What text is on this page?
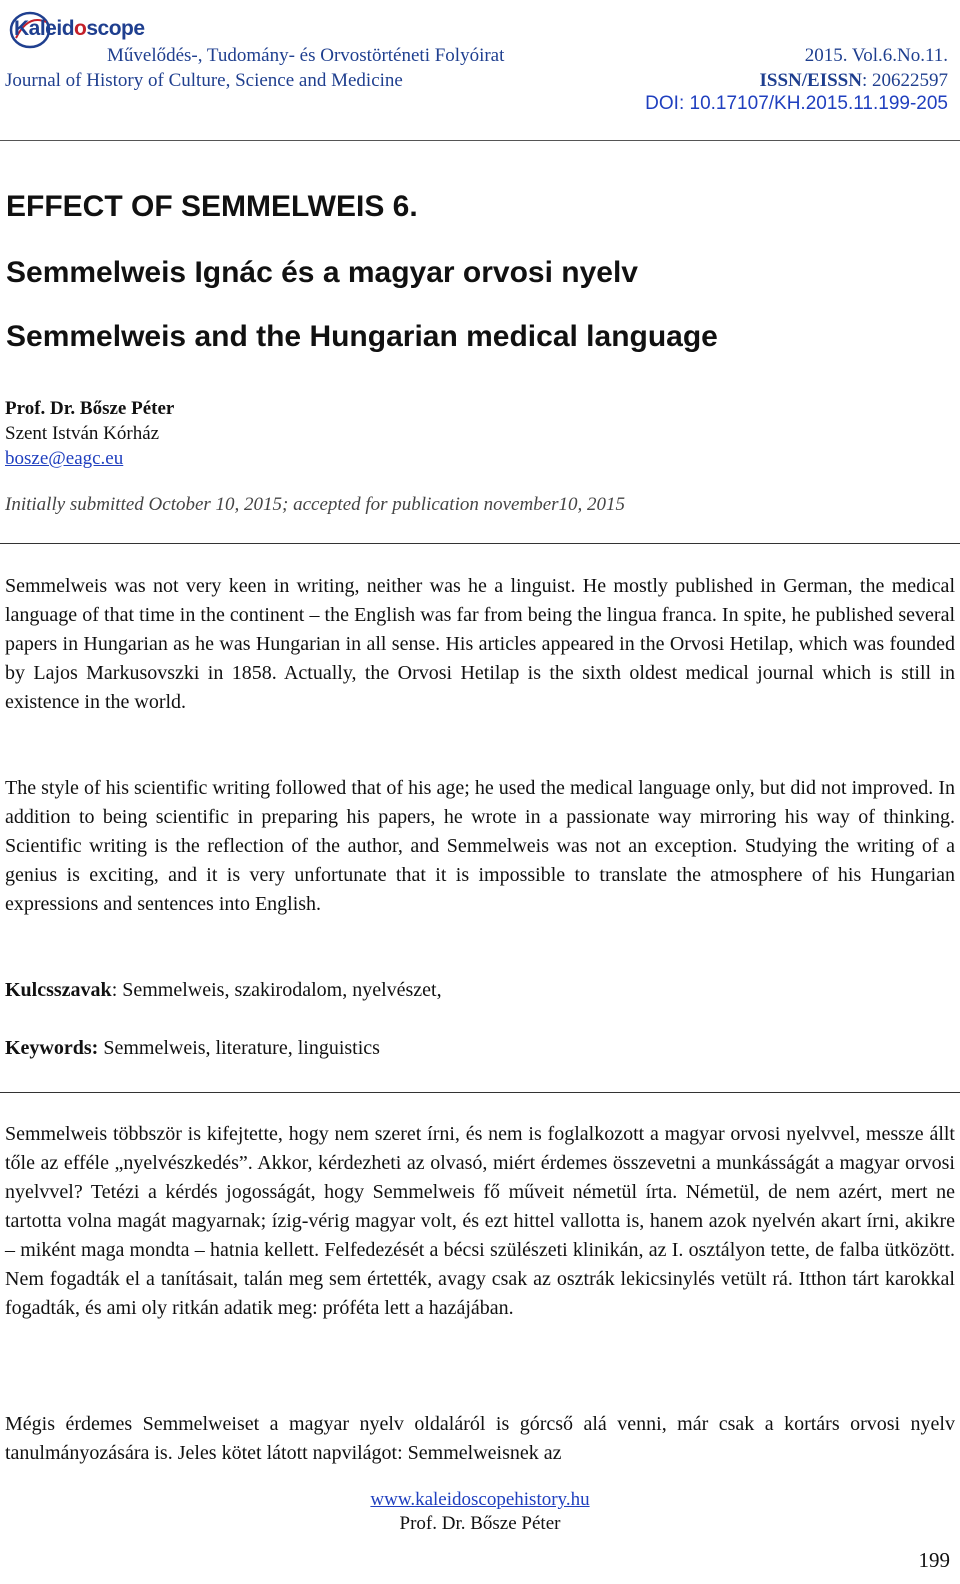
Kaleidoscope
Művelődés-, Tudomány- és Orvostörténeti Folyóirat
Journal of History of Culture, Science and Medicine
2015. Vol.6.No.11.
ISSN/EISSN: 20622597
DOI: 10.17107/KH.2015.11.199-205
EFFECT OF SEMMELWEIS 6.
Semmelweis Ignác és a magyar orvosi nyelv
Semmelweis and the Hungarian medical language
Prof. Dr. Bősze Péter
Szent István Kórház
bosze@eagc.eu
Initially submitted October 10, 2015; accepted for publication november10, 2015

Semmelweis was not very keen in writing, neither was he a linguist. He mostly published in German, the medical language of that time in the continent – the English was far from being the lingua franca. In spite, he published several papers in Hungarian as he was Hungarian in all sense. His articles appeared in the Orvosi Hetilap, which was founded by Lajos Markusovszki in 1858. Actually, the Orvosi Hetilap is the sixth oldest medical journal which is still in existence in the world.

The style of his scientific writing followed that of his age; he used the medical language only, but did not improved. In addition to being scientific in preparing his papers, he wrote in a passionate way mirroring his way of thinking. Scientific writing is the reflection of the author, and Semmelweis was not an exception. Studying the writing of a genius is exciting, and it is very unfortunate that it is impossible to translate the atmosphere of his Hungarian expressions and sentences into English.

Kulcsszavak: Semmelweis, szakirodalom, nyelvészet,

Keywords: Semmelweis, literature, linguistics

Semmelweis többször is kifejtette, hogy nem szeret írni, és nem is foglalkozott a magyar orvosi nyelvvel, messze állt tőle az efféle „nyelvészkedés”. Akkor, kérdezheti az olvasó, miért érdemes összevetni a munkásságát a magyar orvosi nyelvvel? Tetézi a kérdés jogosságát, hogy Semmelweis fő műveit németül írta. Németül, de nem azért, mert ne tartotta volna magát magyarnak; ízig-vérig magyar volt, és ezt hittel vallotta is, hanem azok nyelvén akart írni, akikre – miként maga mondta – hatnia kellett. Felfedezését a bécsi szülészeti klinikán, az I. osztályon tette, de falba ütközött. Nem fogadták el a tanításait, talán meg sem értették, avagy csak az osztrák lekicsinylés vetült rá. Itthon tárt karokkal fogadták, és ami oly ritkán adatik meg: próféta lett a hazájában.

Mégis érdemes Semmelweiset a magyar nyelv oldaláról is górcső alá venni, már csak a kortárs orvosi nyelv tanulmányozására is. Jeles kötet látott napvilágot: Semmelweisnek az

www.kaleidoscopehistory.hu
Prof. Dr. Bősze Péter
199
